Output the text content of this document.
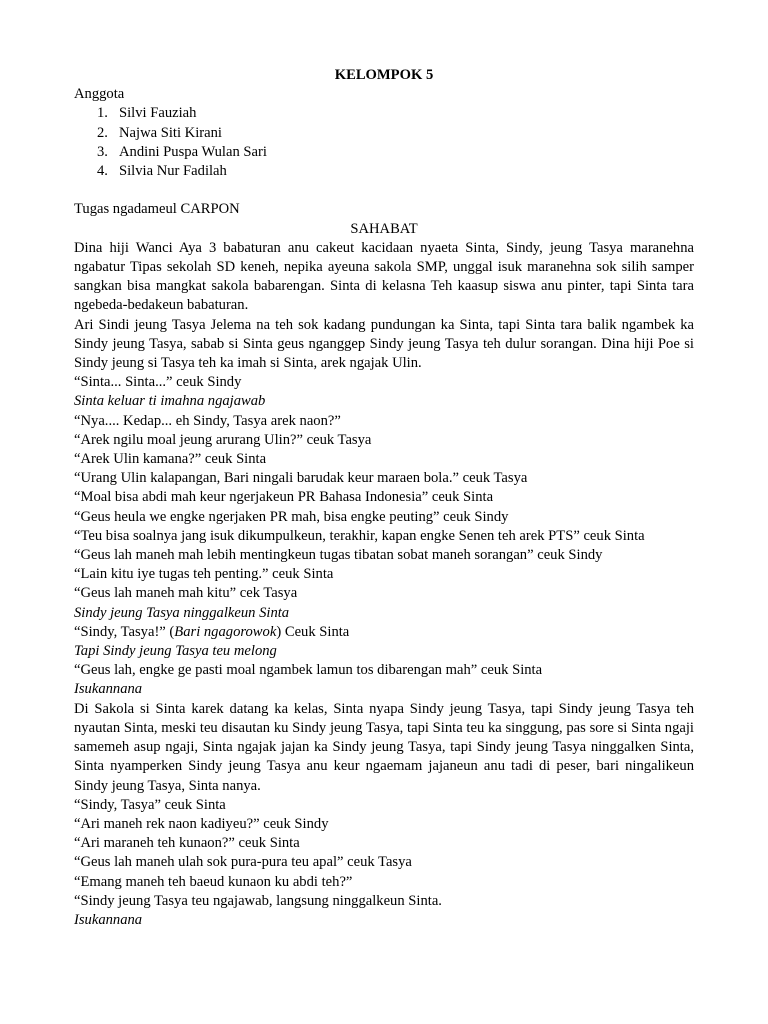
KELOMPOK 5

Anggota

1. Silvi Fauziah
2. Najwa Siti Kirani
3. Andini Puspa Wulan Sari
4. Silvia Nur Fadilah

Tugas ngadameul CARPON

SAHABAT

Dina hiji Wanci Aya 3 babaturan anu cakeut kacidaan nyaeta Sinta, Sindy, jeung Tasya maranehna ngabatur Tipas sekolah SD keneh, nepika ayeuna sakola SMP, unggal isuk maranehna sok silih samper sangkan bisa mangkat sakola babarengan. Sinta di kelasna Teh kaasup siswa anu pinter, tapi Sinta tara ngebeda-bedakeun babaturan.

Ari Sindi jeung Tasya Jelema na teh sok kadang pundungan ka Sinta, tapi Sinta tara balik ngambek ka Sindy jeung Tasya, sabab si Sinta geus nganggep Sindy jeung Tasya teh dulur sorangan. Dina hiji Poe si Sindy jeung si Tasya teh ka imah si Sinta, arek ngajak Ulin.

“Sinta... Sinta...” ceuk Sindy

Sinta keluar ti imahna ngajawab

“Nya.... Kedap... eh Sindy, Tasya arek naon?”

“Arek ngilu moal jeung arurang Ulin?” ceuk Tasya

“Arek Ulin kamana?” ceuk Sinta

“Urang Ulin kalapangan, Bari ningali barudak keur maraen bola.” ceuk Tasya

“Moal bisa abdi mah keur ngerjakeun PR Bahasa Indonesia” ceuk Sinta

“Geus heula we engke ngerjaken PR mah, bisa engke peuting” ceuk Sindy

“Teu bisa soalnya jang isuk dikumpulkeun, terakhir, kapan engke Senen teh arek PTS” ceuk Sinta

“Geus lah maneh mah lebih mentingkeun tugas tibatan sobat maneh sorangan” ceuk Sindy

“Lain kitu iye tugas teh penting.” ceuk Sinta

“Geus lah maneh mah kitu” cek Tasya

Sindy jeung Tasya ninggalkeun Sinta

“Sindy, Tasya!” (Bari ngagorowok) Ceuk Sinta

Tapi Sindy jeung Tasya teu melong

“Geus lah, engke ge pasti moal ngambek lamun tos dibarengan mah” ceuk Sinta

Isukannana

Di Sakola si Sinta karek datang ka kelas, Sinta nyapa Sindy jeung Tasya, tapi Sindy jeung Tasya teh nyautan Sinta, meski teu disautan ku Sindy jeung Tasya, tapi Sinta teu ka singgung, pas sore si Sinta ngaji samemeh asup ngaji, Sinta ngajak jajan ka Sindy jeung Tasya, tapi Sindy jeung Tasya ninggalken Sinta, Sinta nyamperken Sindy jeung Tasya anu keur ngaemam jajaneun anu tadi di peser, bari ningalikeun Sindy jeung Tasya, Sinta nanya.

“Sindy, Tasya” ceuk Sinta

“Ari maneh rek naon kadiyeu?” ceuk Sindy

“Ari maraneh teh kunaon?” ceuk Sinta

“Geus lah maneh ulah sok pura-pura teu apal” ceuk Tasya

“Emang maneh teh baeud kunaon ku abdi teh?”

“Sindy jeung Tasya teu ngajawab, langsung ninggalkeun Sinta.

Isukannana
